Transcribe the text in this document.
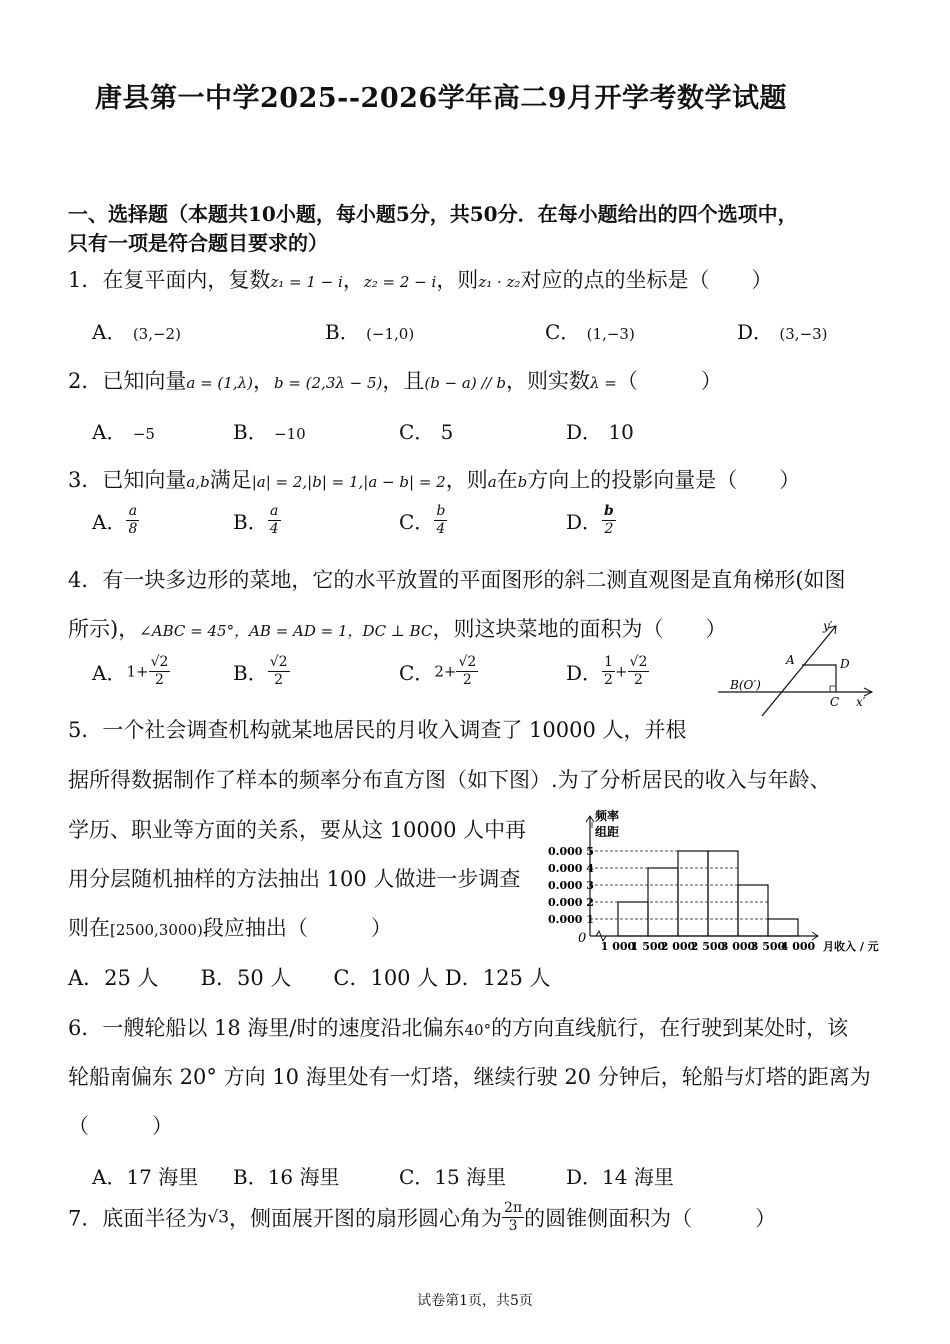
唐县第一中学2025--2026学年高二9月开学考数学试题
一、选择题（本题共10小题，每小题5分，共50分．在每小题给出的四个选项中，
只有一项是符合题目要求的）
1．在复平面内，复数z₁ = 1 − i，z₂ = 2 − i，则z₁ · z₂对应的点的坐标是（　　）
A． (3,−2)	B． (−1,0)	C． (1,−3)	D． (3,−3)
2．已知向量a = (1,λ)，b = (2,3λ − 5)，且(b − a) // b，则实数λ =（　　　）
A． −5	B． −10	C． 5	D． 10
3．已知向量a,b满足|a| = 2,|b| = 1,|a − b| = 2，则a在b方向上的投影向量是（　　）
A． $\frac{a}{8}$	B． $\frac{a}{4}$	C． $\frac{b}{4}$	D． $\frac{b}{2}$
4．有一块多边形的菜地，它的水平放置的平面图形的斜二测直观图是直角梯形(如图
所示)，∠ABC = 45°，AB = AD = 1，DC ⊥ BC，则这块菜地的面积为（　　）
A．$1+ \frac{√2}{2}$	B． $\frac{√2}{2}$	C．$2+ \frac{√2}{2}$	D． $\frac{1}{2} + \frac{√2}{2}$
y′
x′
A	D
B(O′)
C
5．一个社会调查机构就某地居民的月收入调查了 10000 人，并根
据所得数据制作了样本的频率分布直方图（如下图）.为了分析居民的收入与年龄、
学历、职业等方面的关系，要从这 10000 人中再
用分层随机抽样的方法抽出 100 人做进一步调查
则在[2500,3000)段应抽出（　　　）
A．25 人　　B．50 人　　C．100 人 D．125 人
频率
组距
0
月收入 / 元
0.000 1
0.000 2
0.000 3
0.000 4
0.000 5
1 000
1 500
2 000
2 500
3 000
3 500
4 000
6．一艘轮船以 18 海里/时的速度沿北偏东40°的方向直线航行，在行驶到某处时，该
轮船南偏东 20° 方向 10 海里处有一灯塔，继续行驶 20 分钟后，轮船与灯塔的距离为
（　　　）
A．17 海里 B．16 海里	C．15 海里	D．14 海里
7．底面半径为√3，侧面展开图的扇形圆心角为 $\frac{2\pi}{3}$ 的圆锥侧面积为（　　　）
试卷第1页，共5页
